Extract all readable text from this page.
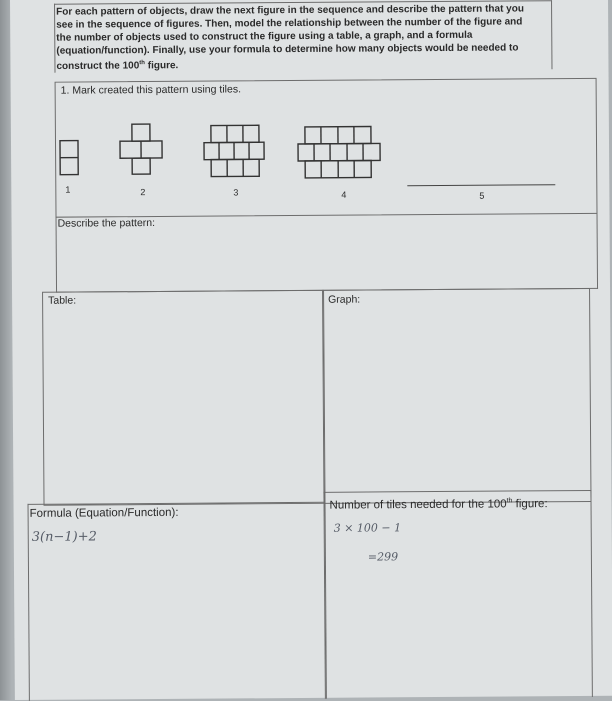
For each pattern of objects, draw the next figure in the sequence and describe the pattern that you
see in the sequence of figures. Then, model the relationship between the number of the figure and
the number of objects used to construct the figure using a table, a graph, and a formula
(equation/function). Finally, use your formula to determine how many objects would be needed to
construct the 100th figure.
1. Mark created this pattern using tiles.
1	2	3	4	5
Describe the pattern:
Table:	Graph:
Formula (Equation/Function):
3(n−1)+2
Number of tiles needed for the 100th figure:
3 × 100 − 1
=299
